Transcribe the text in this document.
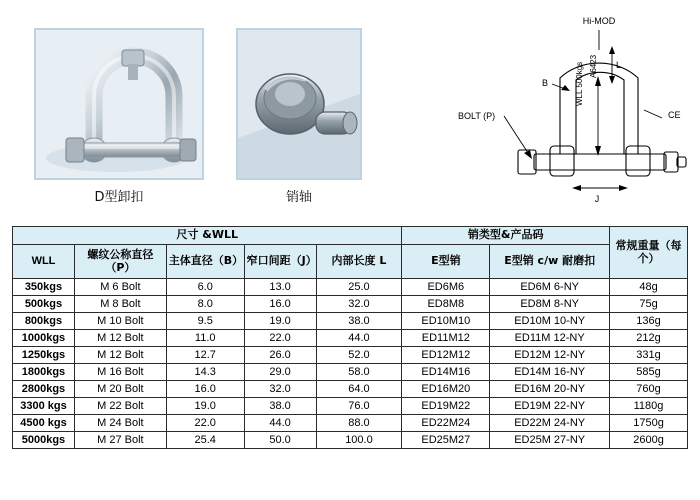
D型卸扣	销轴
Hi-MOD
L
J
B
BOLT (P)	CE
WLL 500kgs A6423
尺寸 &WLL					销类型&产品码		常规重量（每个）
WLL	螺纹公称直径（P）	主体直径（B）	窄口间距（J）	内部长度 L	E型销	E型销 c/w 耐磨扣	
350kgs	M 6 Bolt	6.0	13.0	25.0	ED6M6	ED6M 6-NY	48g
500kgs	M 8 Bolt	8.0	16.0	32.0	ED8M8	ED8M 8-NY	75g
800kgs	M 10 Bolt	9.5	19.0	38.0	ED10M10	ED10M 10-NY	136g
1000kgs	M 12 Bolt	11.0	22.0	44.0	ED11M12	ED11M 12-NY	212g
1250kgs	M 12 Bolt	12.7	26.0	52.0	ED12M12	ED12M 12-NY	331g
1800kgs	M 16 Bolt	14.3	29.0	58.0	ED14M16	ED14M 16-NY	585g
2800kgs	M 20 Bolt	16.0	32.0	64.0	ED16M20	ED16M 20-NY	760g
3300 kgs	M 22 Bolt	19.0	38.0	76.0	ED19M22	ED19M 22-NY	1180g
4500 kgs	M 24 Bolt	22.0	44.0	88.0	ED22M24	ED22M 24-NY	1750g
5000kgs	M 27 Bolt	25.4	50.0	100.0	ED25M27	ED25M 27-NY	2600g
